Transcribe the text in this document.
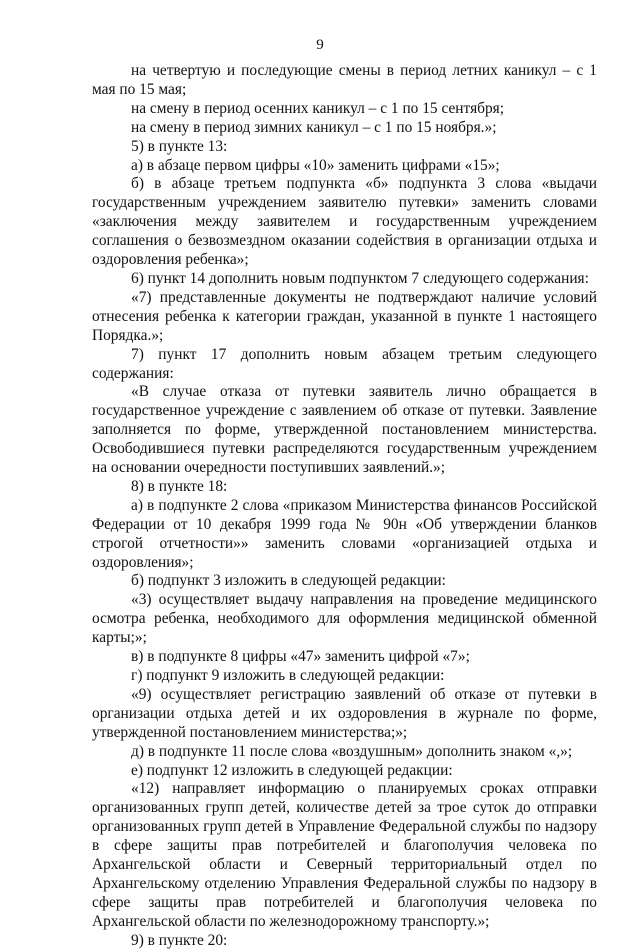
9

на четвертую и последующие смены в период летних каникул – с 1 мая по 15 мая;

на смену в период осенних каникул – с 1 по 15 сентября;

на смену в период зимних каникул – с 1 по 15 ноября.»;

5) в пункте 13:

а) в абзаце первом цифры «10» заменить цифрами «15»;

б) в абзаце третьем подпункта «б» подпункта 3 слова «выдачи государственным учреждением заявителю путевки» заменить словами «заключения между заявителем и государственным учреждением соглашения о безвозмездном оказании содействия в организации отдыха и оздоровления ребенка»;

6) пункт 14 дополнить новым подпунктом 7 следующего содержания:

«7) представленные документы не подтверждают наличие условий отнесения ребенка к категории граждан, указанной в пункте 1 настоящего Порядка.»;

7) пункт 17 дополнить новым абзацем третьим следующего содержания:

«В случае отказа от путевки заявитель лично обращается в государственное учреждение с заявлением об отказе от путевки. Заявление заполняется по форме, утвержденной постановлением министерства. Освободившиеся путевки распределяются государственным учреждением на основании очередности поступивших заявлений.»;

8) в пункте 18:

а) в подпункте 2 слова «приказом Министерства финансов Российской Федерации от 10 декабря 1999 года № 90н «Об утверждении бланков строгой отчетности»» заменить словами «организацией отдыха и оздоровления»;

б) подпункт 3 изложить в следующей редакции:

«3) осуществляет выдачу направления на проведение медицинского осмотра ребенка, необходимого для оформления медицинской обменной карты;»;

в) в подпункте 8 цифры «47» заменить цифрой «7»;

г) подпункт 9 изложить в следующей редакции:

«9) осуществляет регистрацию заявлений об отказе от путевки в организации отдыха детей и их оздоровления в журнале по форме, утвержденной постановлением министерства;»;

д) в подпункте 11 после слова «воздушным» дополнить знаком «,»;

е) подпункт 12 изложить в следующей редакции:

«12) направляет информацию о планируемых сроках отправки организованных групп детей, количестве детей за трое суток до отправки организованных групп детей в Управление Федеральной службы по надзору в сфере защиты прав потребителей и благополучия человека по Архангельской области и Северный территориальный отдел по Архангельскому отделению Управления Федеральной службы по надзору в сфере защиты прав потребителей и благополучия человека по Архангельской области по железнодорожному транспорту.»;

9) в пункте 20:
